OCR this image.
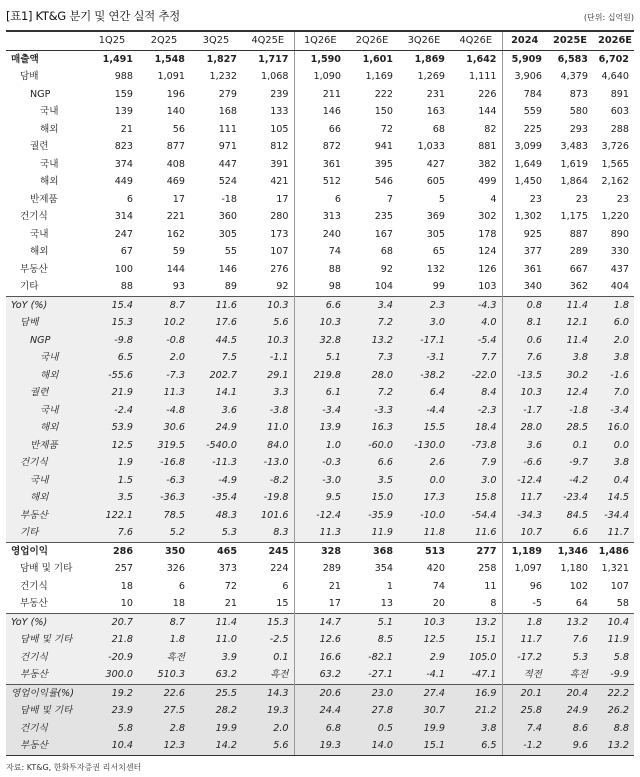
[표1] KT&G 분기 및 연간 실적 추정	(단위: 십억원)
	1Q25	2Q25	3Q25	4Q25E	1Q26E	2Q26E	3Q26E	4Q26E	2024	2025E	2026E
매출액	1,491	1,548	1,827	1,717	1,590	1,601	1,869	1,642	5,909	6,583	6,702
담배	988	1,091	1,232	1,068	1,090	1,169	1,269	1,111	3,906	4,379	4,640
NGP	159	196	279	239	211	222	231	226	784	873	891
국내	139	140	168	133	146	150	163	144	559	580	603
해외	21	56	111	105	66	72	68	82	225	293	288
궐련	823	877	971	812	872	941	1,033	881	3,099	3,483	3,726
국내	374	408	447	391	361	395	427	382	1,649	1,619	1,565
해외	449	469	524	421	512	546	605	499	1,450	1,864	2,162
반제품	6	17	-18	17	6	7	5	4	23	23	23
건기식	314	221	360	280	313	235	369	302	1,302	1,175	1,220
국내	247	162	305	173	240	167	305	178	925	887	890
해외	67	59	55	107	74	68	65	124	377	289	330
부동산	100	144	146	276	88	92	132	126	361	667	437
기타	88	93	89	92	98	104	99	103	340	362	404
YoY (%)	15.4	8.7	11.6	10.3	6.6	3.4	2.3	-4.3	0.8	11.4	1.8
담배	15.3	10.2	17.6	5.6	10.3	7.2	3.0	4.0	8.1	12.1	6.0
NGP	-9.8	-0.8	44.5	10.3	32.8	13.2	-17.1	-5.4	0.6	11.4	2.0
국내	6.5	2.0	7.5	-1.1	5.1	7.3	-3.1	7.7	7.6	3.8	3.8
해외	-55.6	-7.3	202.7	29.1	219.8	28.0	-38.2	-22.0	-13.5	30.2	-1.6
궐련	21.9	11.3	14.1	3.3	6.1	7.2	6.4	8.4	10.3	12.4	7.0
국내	-2.4	-4.8	3.6	-3.8	-3.4	-3.3	-4.4	-2.3	-1.7	-1.8	-3.4
해외	53.9	30.6	24.9	11.0	13.9	16.3	15.5	18.4	28.0	28.5	16.0
반제품	12.5	319.5	-540.0	84.0	1.0	-60.0	-130.0	-73.8	3.6	0.1	0.0
건기식	1.9	-16.8	-11.3	-13.0	-0.3	6.6	2.6	7.9	-6.6	-9.7	3.8
국내	1.5	-6.3	-4.9	-8.2	-3.0	3.5	0.0	3.0	-12.4	-4.2	0.4
해외	3.5	-36.3	-35.4	-19.8	9.5	15.0	17.3	15.8	11.7	-23.4	14.5
부동산	122.1	78.5	48.3	101.6	-12.4	-35.9	-10.0	-54.4	-34.3	84.5	-34.4
기타	7.6	5.2	5.3	8.3	11.3	11.9	11.8	11.6	10.7	6.6	11.7
영업이익	286	350	465	245	328	368	513	277	1,189	1,346	1,486
담배 및 기타	257	326	373	224	289	354	420	258	1,097	1,180	1,321
건기식	18	6	72	6	21	1	74	11	96	102	107
부동산	10	18	21	15	17	13	20	8	-5	64	58
YoY (%)	20.7	8.7	11.4	15.3	14.7	5.1	10.3	13.2	1.8	13.2	10.4
담배 및 기타	21.8	1.8	11.0	-2.5	12.6	8.5	12.5	15.1	11.7	7.6	11.9
건기식	-20.9	흑전	3.9	0.1	16.6	-82.1	2.9	105.0	-17.2	5.3	5.8
부동산	300.0	510.3	63.2	흑전	63.2	-27.1	-4.1	-47.1	적전	흑전	-9.9
영업이익률(%)	19.2	22.6	25.5	14.3	20.6	23.0	27.4	16.9	20.1	20.4	22.2
담배 및 기타	23.9	27.5	28.2	19.3	24.4	27.8	30.7	21.2	25.8	24.9	26.2
건기식	5.8	2.8	19.9	2.0	6.8	0.5	19.9	3.8	7.4	8.6	8.8
부동산	10.4	12.3	14.2	5.6	19.3	14.0	15.1	6.5	-1.2	9.6	13.2
자료: KT&G, 한화투자증권 리서치센터
